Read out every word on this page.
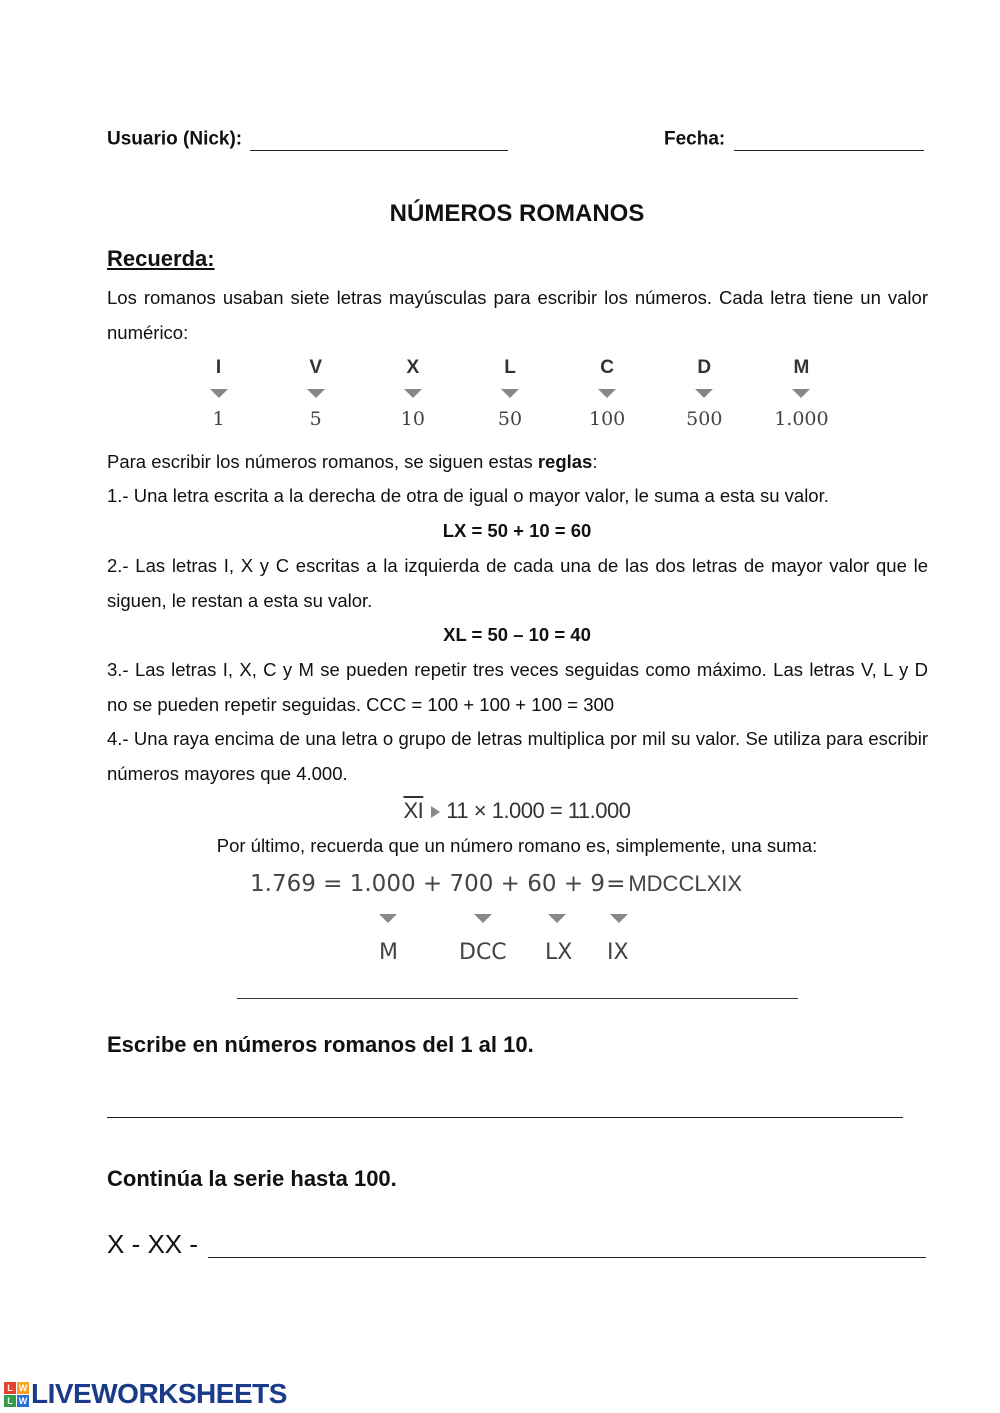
Usuario (Nick):	Fecha:
NÚMEROS ROMANOS
Recuerda:
Los romanos usaban siete letras mayúsculas para escribir los números. Cada letra tiene un valor numérico:
I
1
V
5
X
10
L
50
C
100
D
500
M
1.000
Para escribir los números romanos, se siguen estas reglas:
1.- Una letra escrita a la derecha de otra de igual o mayor valor, le suma a esta su valor.
LX = 50 + 10 = 60
2.- Las letras I, X y C escritas a la izquierda de cada una de las dos letras de mayor valor que le siguen, le restan a esta su valor.
XL = 50 – 10 = 40
3.- Las letras I, X, C y M se pueden repetir tres veces seguidas como máximo. Las letras V, L y D no se pueden repetir seguidas. CCC = 100 + 100 + 100 = 300
4.- Una raya encima de una letra o grupo de letras multiplica por mil su valor. Se utiliza para escribir números mayores que 4.000.
$\overline{XI}$ 11 × 1.000 = 11.000
Por último, recuerda que un número romano es, simplemente, una suma:
1.769 = 1.000 + 700 + 60 + 9= MDCCLXIX
M	DCC LX IX
Escribe en números romanos del 1 al 10.
Continúa la serie hasta 100.
X - XX -
L W
L W LIVEWORKSHEETS
